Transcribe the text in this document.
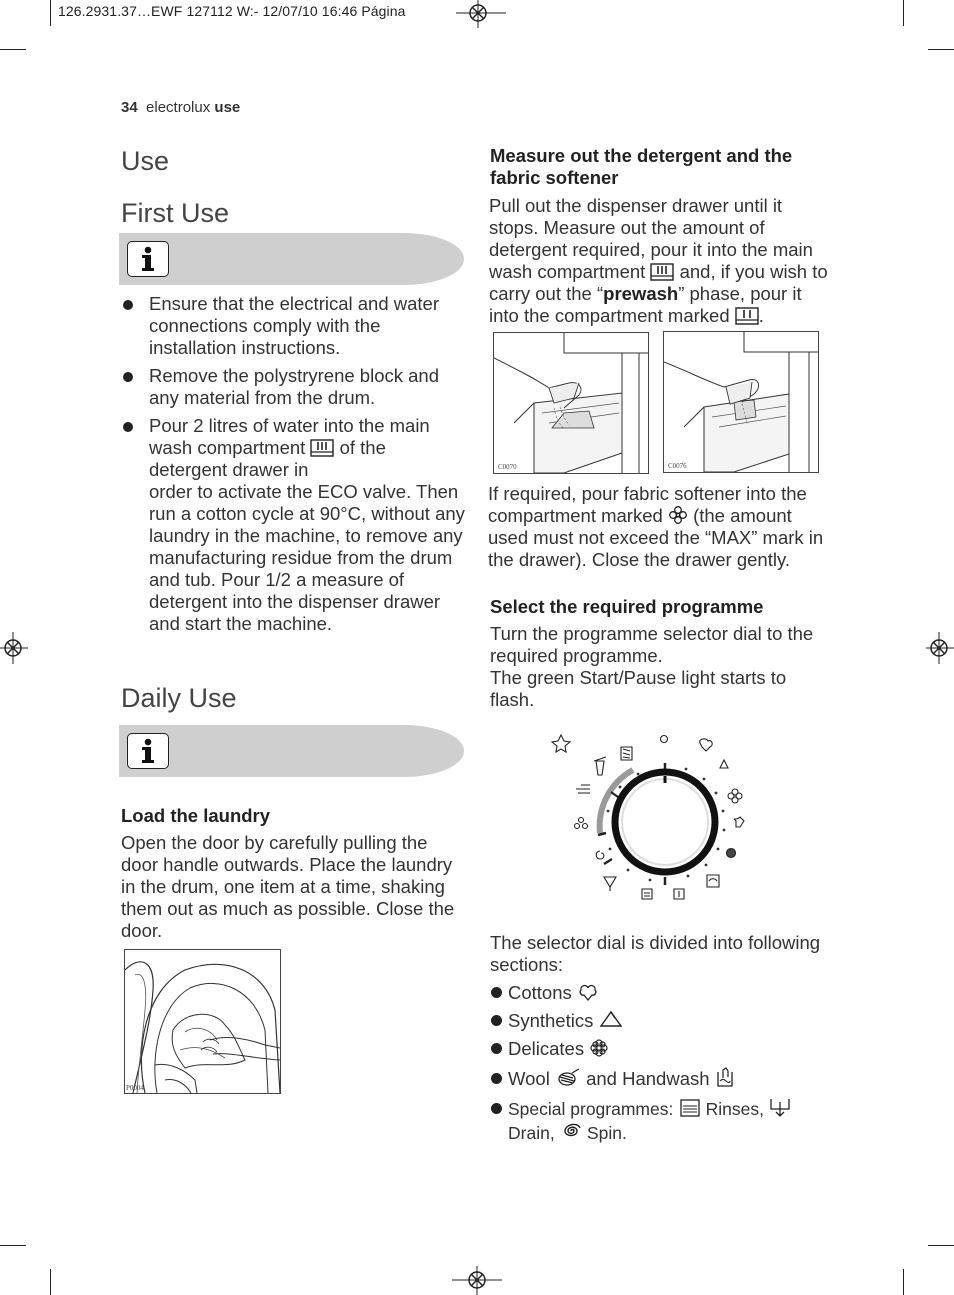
126.2931.37…EWF 127112 W:- 12/07/10 16:46 Página
34 electrolux use
Use
First Use
Ensure that the electrical and water connections comply with the installation instructions.
Remove the polystryrene block and any material from the drum.
Pour 2 litres of water into the main wash compartment of the detergent drawer in
order to activate the ECO valve. Then run a cotton cycle at 90°C, without any laundry in the machine, to remove any manufacturing residue from the drum and tub. Pour 1/2 a measure of detergent into the dispenser drawer and start the machine.
Daily Use
Load the laundry
Open the door by carefully pulling the door handle outwards. Place the laundry in the drum, one item at a time, shaking them out as much as possible. Close the door.
P0004
Measure out the detergent and the fabric softener
Pull out the dispenser drawer until it stops. Measure out the amount of detergent required, pour it into the main wash compartment and, if you wish to carry out the “prewash” phase, pour it into the compartment marked .
C0070	C0076
If required, pour fabric softener into the compartment marked (the amount used must not exceed the “MAX” mark in the drawer). Close the drawer gently.
Select the required programme
Turn the programme selector dial to the required programme.
The green Start/Pause light starts to flash.
The selector dial is divided into following sections:
Cottons
Synthetics
Delicates
Wool and Handwash
Special programmes: Rinses,
Drain, Spin.
